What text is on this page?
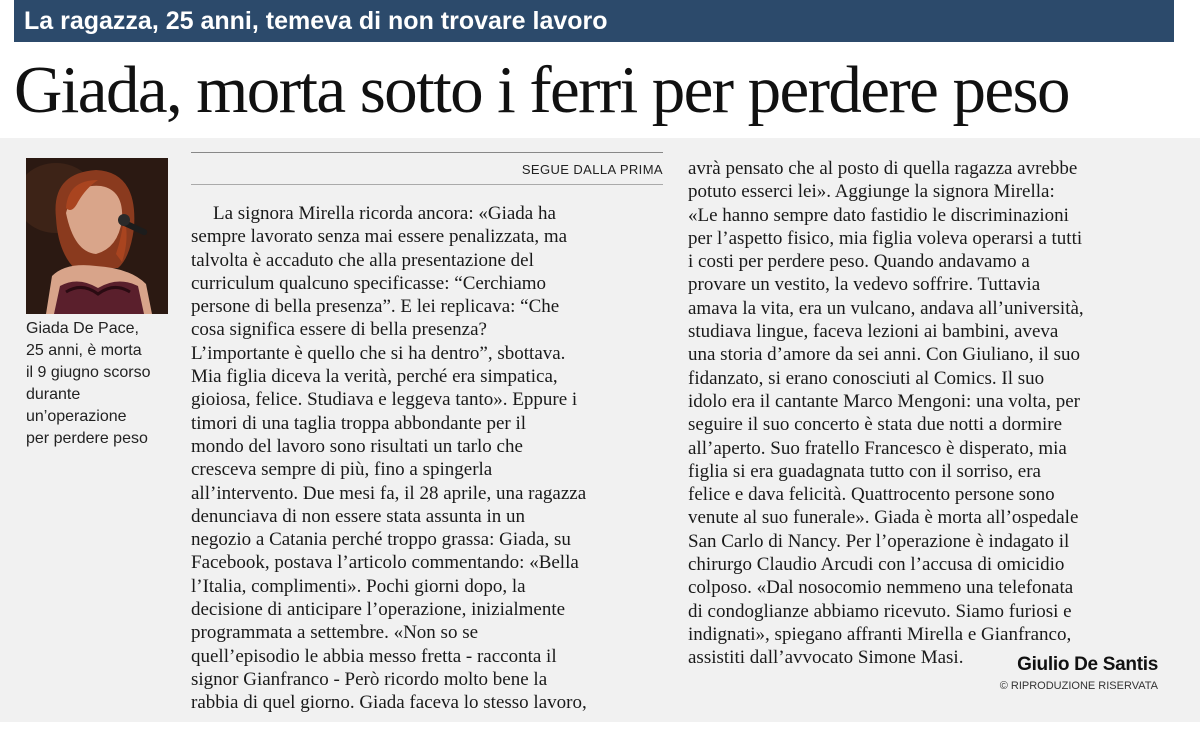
La ragazza, 25 anni, temeva di non trovare lavoro
Giada, morta sotto i ferri per perdere peso
Giada De Pace,
25 anni, è morta
il 9 giugno scorso
durante
un’operazione
per perdere peso
SEGUE DALLA PRIMA
La signora Mirella ricorda ancora: «Giada ha
sempre lavorato senza mai essere penalizzata, ma
talvolta è accaduto che alla presentazione del
curriculum qualcuno specificasse: “Cerchiamo
persone di bella presenza”. E lei replicava: “Che
cosa significa essere di bella presenza?
L’importante è quello che si ha dentro”, sbottava.
Mia figlia diceva la verità, perché era simpatica,
gioiosa, felice. Studiava e leggeva tanto». Eppure i
timori di una taglia troppa abbondante per il
mondo del lavoro sono risultati un tarlo che
cresceva sempre di più, fino a spingerla
all’intervento. Due mesi fa, il 28 aprile, una ragazza
denunciava di non essere stata assunta in un
negozio a Catania perché troppo grassa: Giada, su
Facebook, postava l’articolo commentando: «Bella
l’Italia, complimenti». Pochi giorni dopo, la
decisione di anticipare l’operazione, inizialmente
programmata a settembre. «Non so se
quell’episodio le abbia messo fretta - racconta il
signor Gianfranco - Però ricordo molto bene la
rabbia di quel giorno. Giada faceva lo stesso lavoro,
avrà pensato che al posto di quella ragazza avrebbe
potuto esserci lei». Aggiunge la signora Mirella:
«Le hanno sempre dato fastidio le discriminazioni
per l’aspetto fisico, mia figlia voleva operarsi a tutti
i costi per perdere peso. Quando andavamo a
provare un vestito, la vedevo soffrire. Tuttavia
amava la vita, era un vulcano, andava all’università,
studiava lingue, faceva lezioni ai bambini, aveva
una storia d’amore da sei anni. Con Giuliano, il suo
fidanzato, si erano conosciuti al Comics. Il suo
idolo era il cantante Marco Mengoni: una volta, per
seguire il suo concerto è stata due notti a dormire
all’aperto. Suo fratello Francesco è disperato, mia
figlia si era guadagnata tutto con il sorriso, era
felice e dava felicità. Quattrocento persone sono
venute al suo funerale». Giada è morta all’ospedale
San Carlo di Nancy. Per l’operazione è indagato il
chirurgo Claudio Arcudi con l’accusa di omicidio
colposo. «Dal nosocomio nemmeno una telefonata
di condoglianze abbiamo ricevuto. Siamo furiosi e
indignati», spiegano affranti Mirella e Gianfranco,
assistiti dall’avvocato Simone Masi.	Giulio De Santis
© RIPRODUZIONE RISERVATA
